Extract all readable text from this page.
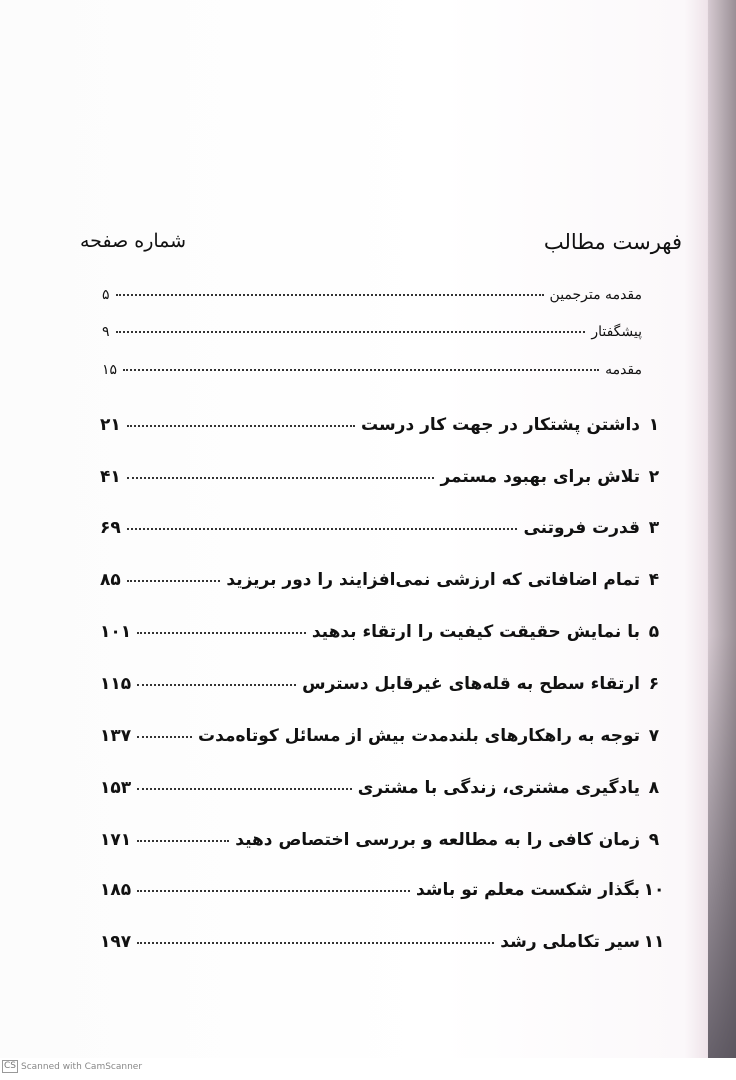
فهرست مطالب
شماره صفحه
مقدمه مترجمین
۵
پیشگفتار
۹
مقدمه
۱۵
۱
داشتن پشتکار در جهت کار درست
۲۱
۲
تلاش برای بهبود مستمر
۴۱
۳
قدرت فروتنی
۶۹
۴
تمام اضافاتی که ارزشی نمی‌افزایند را دور بریزید
۸۵
۵
با نمایش حقیقت کیفیت را ارتقاء بدهید
۱۰۱
۶
ارتقاء سطح به قله‌های غیرقابل دسترس
۱۱۵
۷
توجه به راهکارهای بلندمدت بیش از مسائل کوتاه‌مدت
۱۳۷
۸
یادگیری مشتری، زندگی با مشتری
۱۵۳
۹
زمان کافی را به مطالعه و بررسی اختصاص دهید
۱۷۱
۱۰
بگذار شکست معلم تو باشد
۱۸۵
۱۱
سیر تکاملی رشد
۱۹۷
CS Scanned with CamScanner
